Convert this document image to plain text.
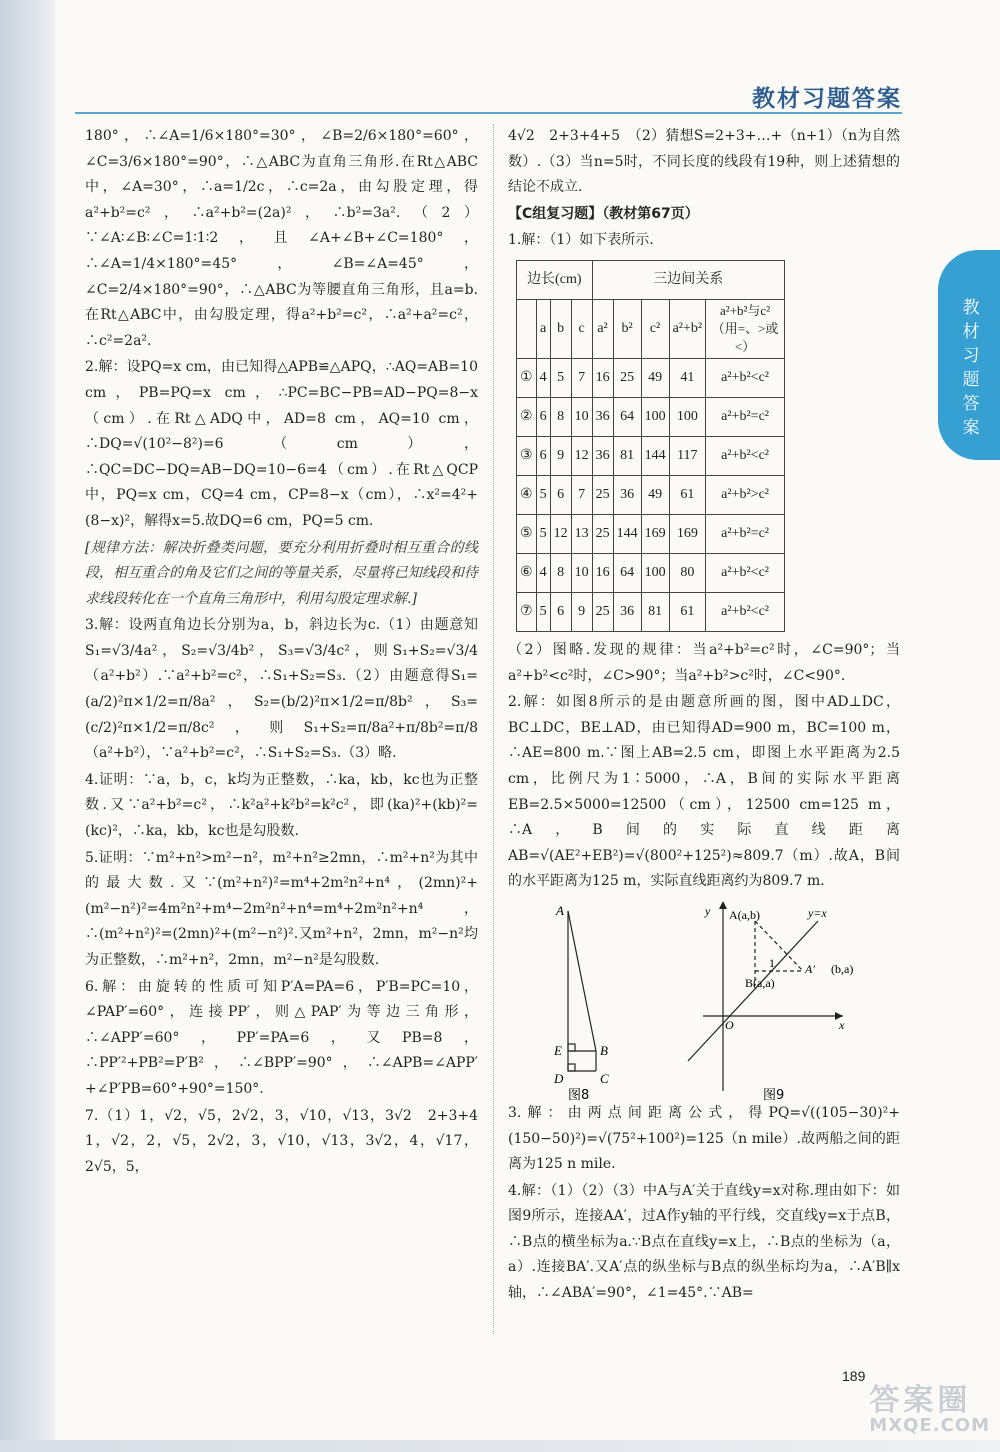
教材习题答案
教材习题答案

180°，∴∠A=1/6×180°=30°，∠B=2/6×180°=60°，∠C=3/6×180°=90°，∴△ABC为直角三角形.在Rt△ABC中，∠A=30°，∴a=1/2c，∴c=2a，由勾股定理，得a²+b²=c²，∴a²+b²=(2a)²，∴b²=3a².（2）∵∠A∶∠B∶∠C=1∶1∶2，且∠A+∠B+∠C=180°，∴∠A=1/4×180°=45°，∠B=∠A=45°，∠C=2/4×180°=90°，∴△ABC为等腰直角三角形，且a=b.在Rt△ABC中，由勾股定理，得a²+b²=c²，∴a²+a²=c²，∴c²=2a².

2.解：设PQ=x cm，由已知得△APB≌△APQ，∴AQ=AB=10 cm，PB=PQ=x cm，∴PC=BC−PB=AD−PQ=8−x（cm）.在Rt△ADQ中，AD=8 cm，AQ=10 cm，∴DQ=√(10²−8²)=6（cm），∴QC=DC−DQ=AB−DQ=10−6=4（cm）.在Rt△QCP中，PQ=x cm，CQ=4 cm，CP=8−x（cm），∴x²=4²+(8−x)²，解得x=5.故DQ=6 cm，PQ=5 cm.

[规律方法：解决折叠类问题，要充分利用折叠时相互重合的线段，相互重合的角及它们之间的等量关系，尽量将已知线段和待求线段转化在一个直角三角形中，利用勾股定理求解.]

3.解：设两直角边长分别为a，b，斜边长为c.（1）由题意知S₁=√3/4a²，S₂=√3/4b²，S₃=√3/4c²，则S₁+S₂=√3/4（a²+b²）.∵a²+b²=c²，∴S₁+S₂=S₃.（2）由题意得S₁=(a/2)²π×1/2=π/8a²，S₂=(b/2)²π×1/2=π/8b²，S₃=(c/2)²π×1/2=π/8c²，则S₁+S₂=π/8a²+π/8b²=π/8（a²+b²），∵a²+b²=c²，∴S₁+S₂=S₃.（3）略.

4.证明：∵a，b，c，k均为正整数，∴ka，kb，kc也为正整数.又∵a²+b²=c²，∴k²a²+k²b²=k²c²，即(ka)²+(kb)²=(kc)²，∴ka，kb，kc也是勾股数.

5.证明：∵m²+n²>m²−n²，m²+n²≥2mn，∴m²+n²为其中的最大数.又∵(m²+n²)²=m⁴+2m²n²+n⁴，(2mn)²+(m²−n²)²=4m²n²+m⁴−2m²n²+n⁴=m⁴+2m²n²+n⁴，∴(m²+n²)²=(2mn)²+(m²−n²)².又m²+n²，2mn，m²−n²均为正整数，∴m²+n²，2mn，m²−n²是勾股数.

6.解：由旋转的性质可知P′A=PA=6，P′B=PC=10，∠PAP′=60°，连接PP′，则△PAP′为等边三角形，∴∠APP′=60°，PP′=PA=6，又PB=8，∴PP′²+PB²=P′B²，∴∠BPP′=90°，∴∠APB=∠APP′+∠P′PB=60°+90°=150°.

7.（1）1，√2，√5，2√2，3，√10，√13，3√2　2+3+4　1，√2，2，√5，2√2，3，√10，√13，3√2，4，√17，2√5，5，

4√2　2+3+4+5　（2）猜想S=2+3+…+（n+1）（n为自然数）.（3）当n=5时，不同长度的线段有19种，则上述猜想的结论不成立.

【C组复习题】（教材第67页）

1.解：（1）如下表所示.

边长(cm)				三边间关系				
	a	b	c	a²	b²	c²	a²+b²	a²+b²与c²（用=、>或<）
①	4	5	7	16	25	49	41	a²+b²<c²
②	6	8	10	36	64	100	100	a²+b²=c²
③	6	9	12	36	81	144	117	a²+b²<c²
④	5	6	7	25	36	49	61	a²+b²>c²
⑤	5	12	13	25	144	169	169	a²+b²=c²
⑥	4	8	10	16	64	100	80	a²+b²<c²
⑦	5	6	9	25	36	81	61	a²+b²<c²

（2）图略.发现的规律：当a²+b²=c²时，∠C=90°；当a²+b²<c²时，∠C>90°；当a²+b²>c²时，∠C<90°.

2.解：如图8所示的是由题意所画的图，图中AD⊥DC，BC⊥DC，BE⊥AD，由已知得AD=900 m，BC=100 m，∴AE=800 m.∵图上AB=2.5 cm，即图上水平距离为2.5 cm，比例尺为1∶5000，∴A，B间的实际水平距离EB=2.5×5000=12500（cm），12500 cm=125 m，∴A，B间的实际直线距离AB=√(AE²+EB²)=√(800²+125²)≈809.7（m）.故A，B间的水平距离为125 m，实际直线距离约为809.7 m.

A
E	B
D	C
图8
y A(a,b)	y=x
1	A′ (b,a)
B(a,a)
O	x
图9

3.解：由两点间距离公式，得PQ=√((105−30)²+(150−50)²)=√(75²+100²)=125（n mile）.故两船之间的距离为125 n mile.

4.解：（1）（2）（3）中A与A′关于直线y=x对称.理由如下：如图9所示，连接AA′，过A作y轴的平行线，交直线y=x于点B，∴B点的横坐标为a.∵B点在直线y=x上，∴B点的坐标为（a，a）.连接BA′.又A′点的纵坐标与B点的纵坐标均为a，∴A′B∥x轴，∴∠ABA′=90°，∠1=45°.∵AB=

189
答案圈
MXQE.COM
